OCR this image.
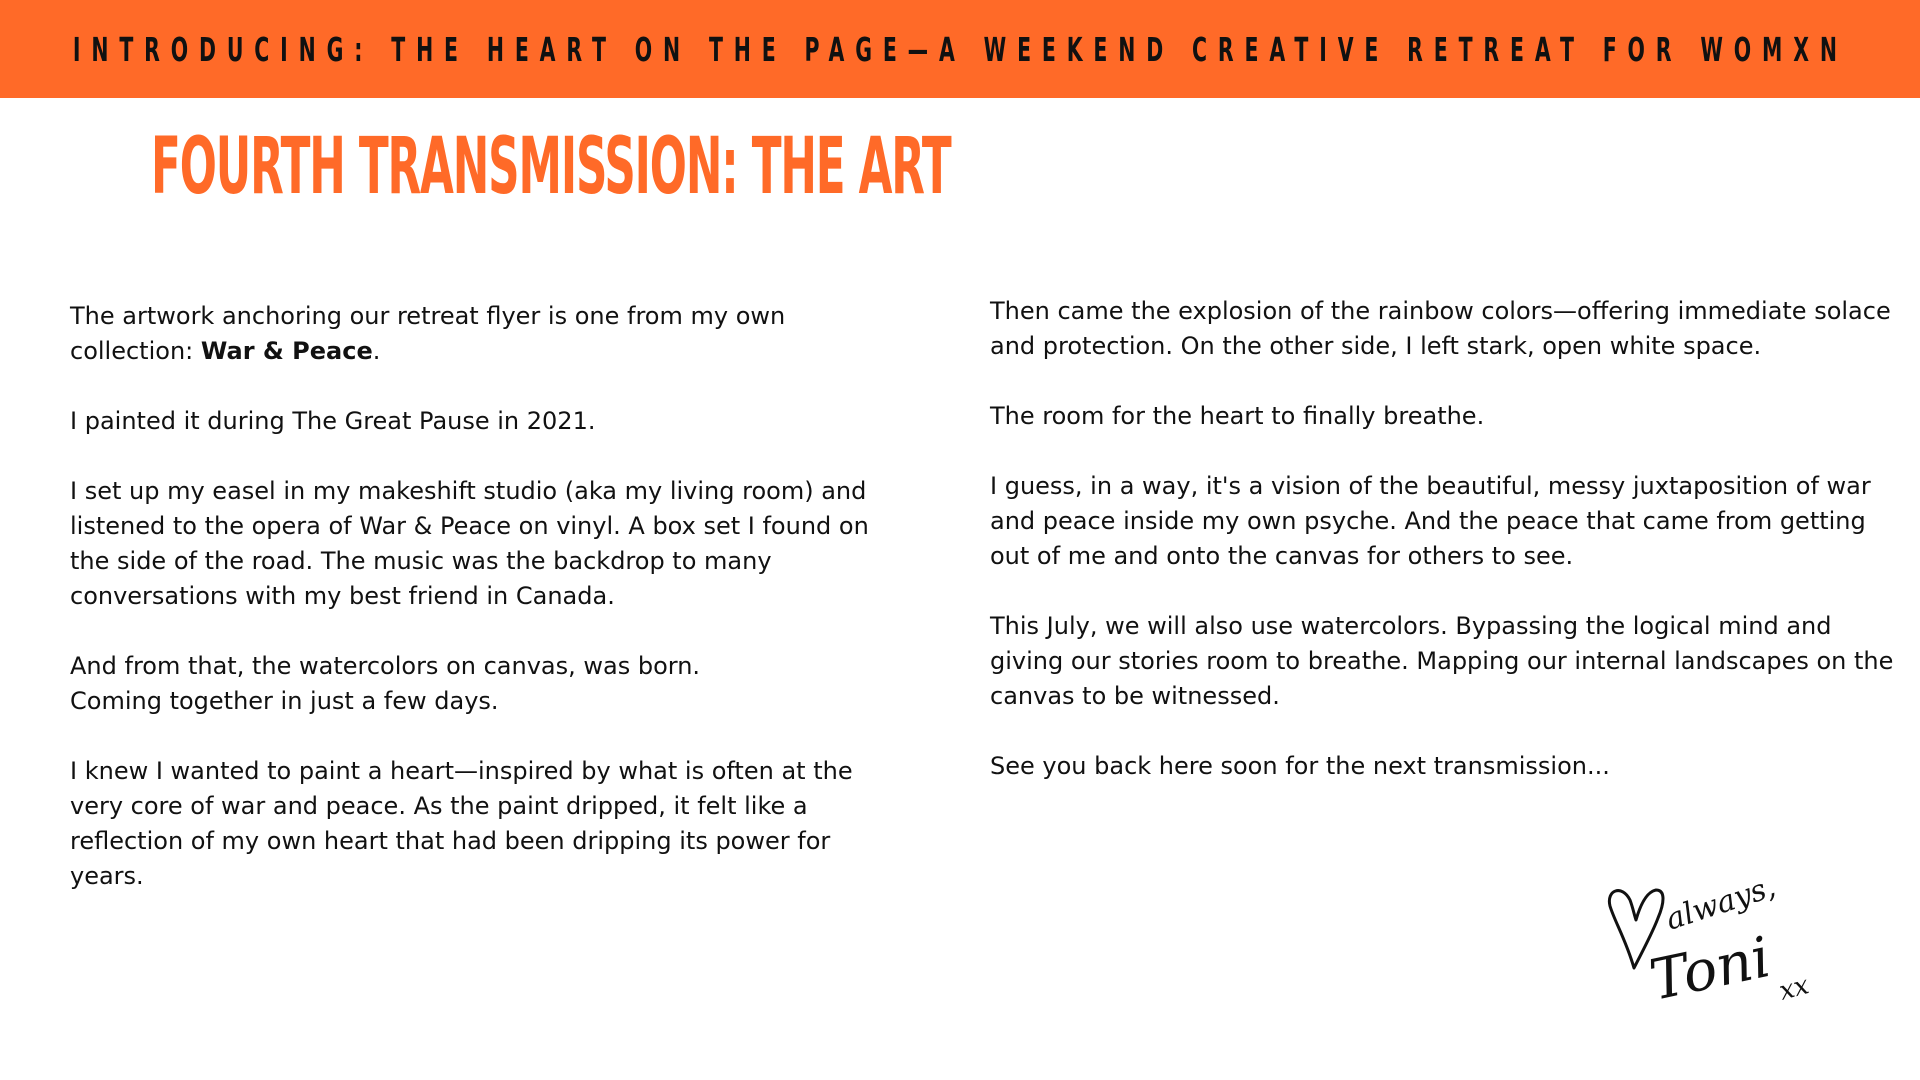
INTRODUCING: THE HEART ON THE PAGE—A WEEKEND CREATIVE RETREAT FOR WOMXN
FOURTH TRANSMISSION: THE ART

The artwork anchoring our retreat flyer is one from my own collection: War & Peace.

I painted it during The Great Pause in 2021.

I set up my easel in my makeshift studio (aka my living room) and listened to the opera of War & Peace on vinyl. A box set I found on the side of the road. The music was the backdrop to many conversations with my best friend in Canada.

And from that, the watercolors on canvas, was born.
Coming together in just a few days.

I knew I wanted to paint a heart—inspired by what is often at the very core of war and peace. As the paint dripped, it felt like a reflection of my own heart that had been dripping its power for years.

Then came the explosion of the rainbow colors—offering immediate solace and protection. On the other side, I left stark, open white space.

The room for the heart to finally breathe.

I guess, in a way, it's a vision of the beautiful, messy juxtaposition of war and peace inside my own psyche. And the peace that came from getting out of me and onto the canvas for others to see.

This July, we will also use watercolors. Bypassing the logical mind and giving our stories room to breathe. Mapping our internal landscapes on the canvas to be witnessed.

See you back here soon for the next transmission...

always,
Toni xx
